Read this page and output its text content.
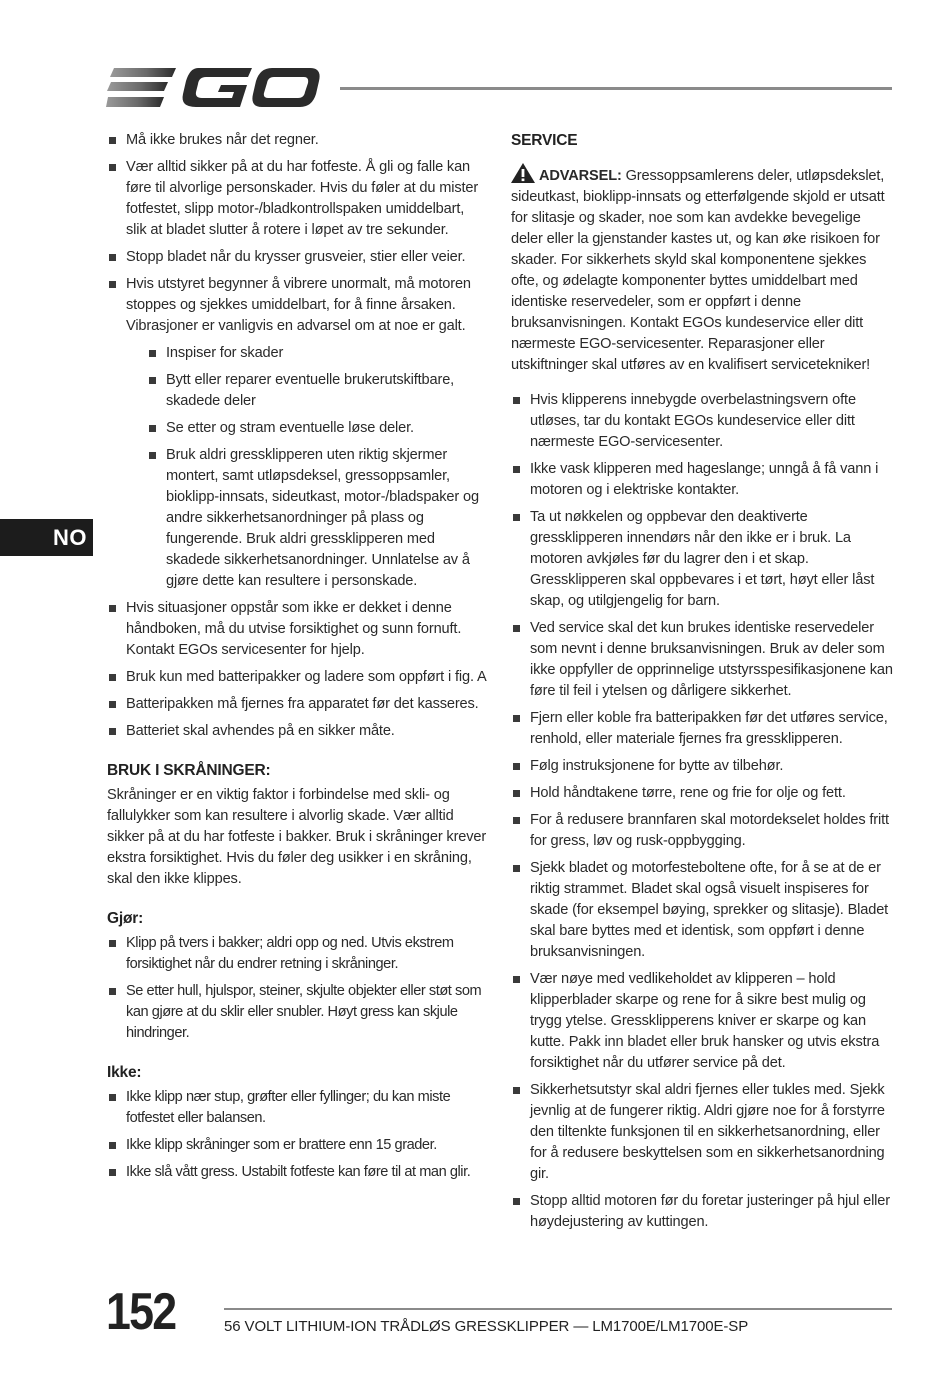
NO
Må ikke brukes når det regner.
Vær alltid sikker på at du har fotfeste. Å gli og falle kan føre til alvorlige personskader. Hvis du føler at du mister fotfestet, slipp motor-/bladkontrollspaken umiddelbart, slik at bladet slutter å rotere i løpet av tre sekunder.
Stopp bladet når du krysser grusveier, stier eller veier.
Hvis utstyret begynner å vibrere unormalt, må motoren stoppes og sjekkes umiddelbart, for å finne årsaken. Vibrasjoner er vanligvis en advarsel om at noe er galt.
Inspiser for skader
Bytt eller reparer eventuelle brukerutskiftbare, skadede deler
Se etter og stram eventuelle løse deler.
Bruk aldri gressklipperen uten riktig skjermer montert, samt utløpsdeksel, gressoppsamler, bioklipp-innsats, sideutkast, motor-/bladspaker og andre sikkerhetsanordninger på plass og fungerende. Bruk aldri gressklipperen med skadede sikkerhetsanordninger. Unnlatelse av å gjøre dette kan resultere i personskade.
Hvis situasjoner oppstår som ikke er dekket i denne håndboken, må du utvise forsiktighet og sunn fornuft. Kontakt EGOs servicesenter for hjelp.
Bruk kun med batteripakker og ladere som oppført i fig. A
Batteripakken må fjernes fra apparatet før det kasseres.
Batteriet skal avhendes på en sikker måte.
BRUK I SKRÅNINGER:

Skråninger er en viktig faktor i forbindelse med skli- og fallulykker som kan resultere i alvorlig skade. Vær alltid sikker på at du har fotfeste i bakker. Bruk i skråninger krever ekstra forsiktighet. Hvis du føler deg usikker i en skråning, skal den ikke klippes.

Gjør:
Klipp på tvers i bakker; aldri opp og ned. Utvis ekstrem forsiktighet når du endrer retning i skråninger.
Se etter hull, hjulspor, steiner, skjulte objekter eller støt som kan gjøre at du sklir eller snubler. Høyt gress kan skjule hindringer.
Ikke:
Ikke klipp nær stup, grøfter eller fyllinger; du kan miste fotfestet eller balansen.
Ikke klipp skråninger som er brattere enn 15 grader.
Ikke slå vått gress. Ustabilt fotfeste kan føre til at man glir.
SERVICE

ADVARSEL: Gressoppsamlerens deler, utløpsdekslet, sideutkast, bioklipp-innsats og etterfølgende skjold er utsatt for slitasje og skader, noe som kan avdekke bevegelige deler eller la gjenstander kastes ut, og kan øke risikoen for skader. For sikkerhets skyld skal komponentene sjekkes ofte, og ødelagte komponenter byttes umiddelbart med identiske reservedeler, som er oppført i denne bruksanvisningen. Kontakt EGOs kundeservice eller ditt nærmeste EGO-servicesenter. Reparasjoner eller utskiftninger skal utføres av en kvalifisert servicetekniker!

Hvis klipperens innebygde overbelastningsvern ofte utløses, tar du kontakt EGOs kundeservice eller ditt nærmeste EGO-servicesenter.
Ikke vask klipperen med hageslange; unngå å få vann i motoren og i elektriske kontakter.
Ta ut nøkkelen og oppbevar den deaktiverte gressklipperen innendørs når den ikke er i bruk. La motoren avkjøles før du lagrer den i et skap. Gressklipperen skal oppbevares i et tørt, høyt eller låst skap, og utilgjengelig for barn.
Ved service skal det kun brukes identiske reservedeler som nevnt i denne bruksanvisningen. Bruk av deler som ikke oppfyller de opprinnelige utstyrsspesifikasjonene kan føre til feil i ytelsen og dårligere sikkerhet.
Fjern eller koble fra batteripakken før det utføres service, renhold, eller materiale fjernes fra gressklipperen.
Følg instruksjonene for bytte av tilbehør.
Hold håndtakene tørre, rene og frie for olje og fett.
For å redusere brannfaren skal motordekselet holdes fritt for gress, løv og rusk-oppbygging.
Sjekk bladet og motorfesteboltene ofte, for å se at de er riktig strammet. Bladet skal også visuelt inspiseres for skade (for eksempel bøying, sprekker og slitasje). Bladet skal bare byttes med et identisk, som oppført i denne bruksanvisningen.
Vær nøye med vedlikeholdet av klipperen – hold klipperblader skarpe og rene for å sikre best mulig og trygg ytelse. Gressklipperens kniver er skarpe og kan kutte. Pakk inn bladet eller bruk hansker og utvis ekstra forsiktighet når du utfører service på det.
Sikkerhetsutstyr skal aldri fjernes eller tukles med. Sjekk jevnlig at de fungerer riktig. Aldri gjøre noe for å forstyrre den tiltenkte funksjonen til en sikkerhetsanordning, eller for å redusere beskyttelsen som en sikkerhetsanordning gir.
Stopp alltid motoren før du foretar justeringer på hjul eller høydejustering av kuttingen.
152	56 VOLT LITHIUM-ION TRÅDLØS GRESSKLIPPER — LM1700E/LM1700E-SP
